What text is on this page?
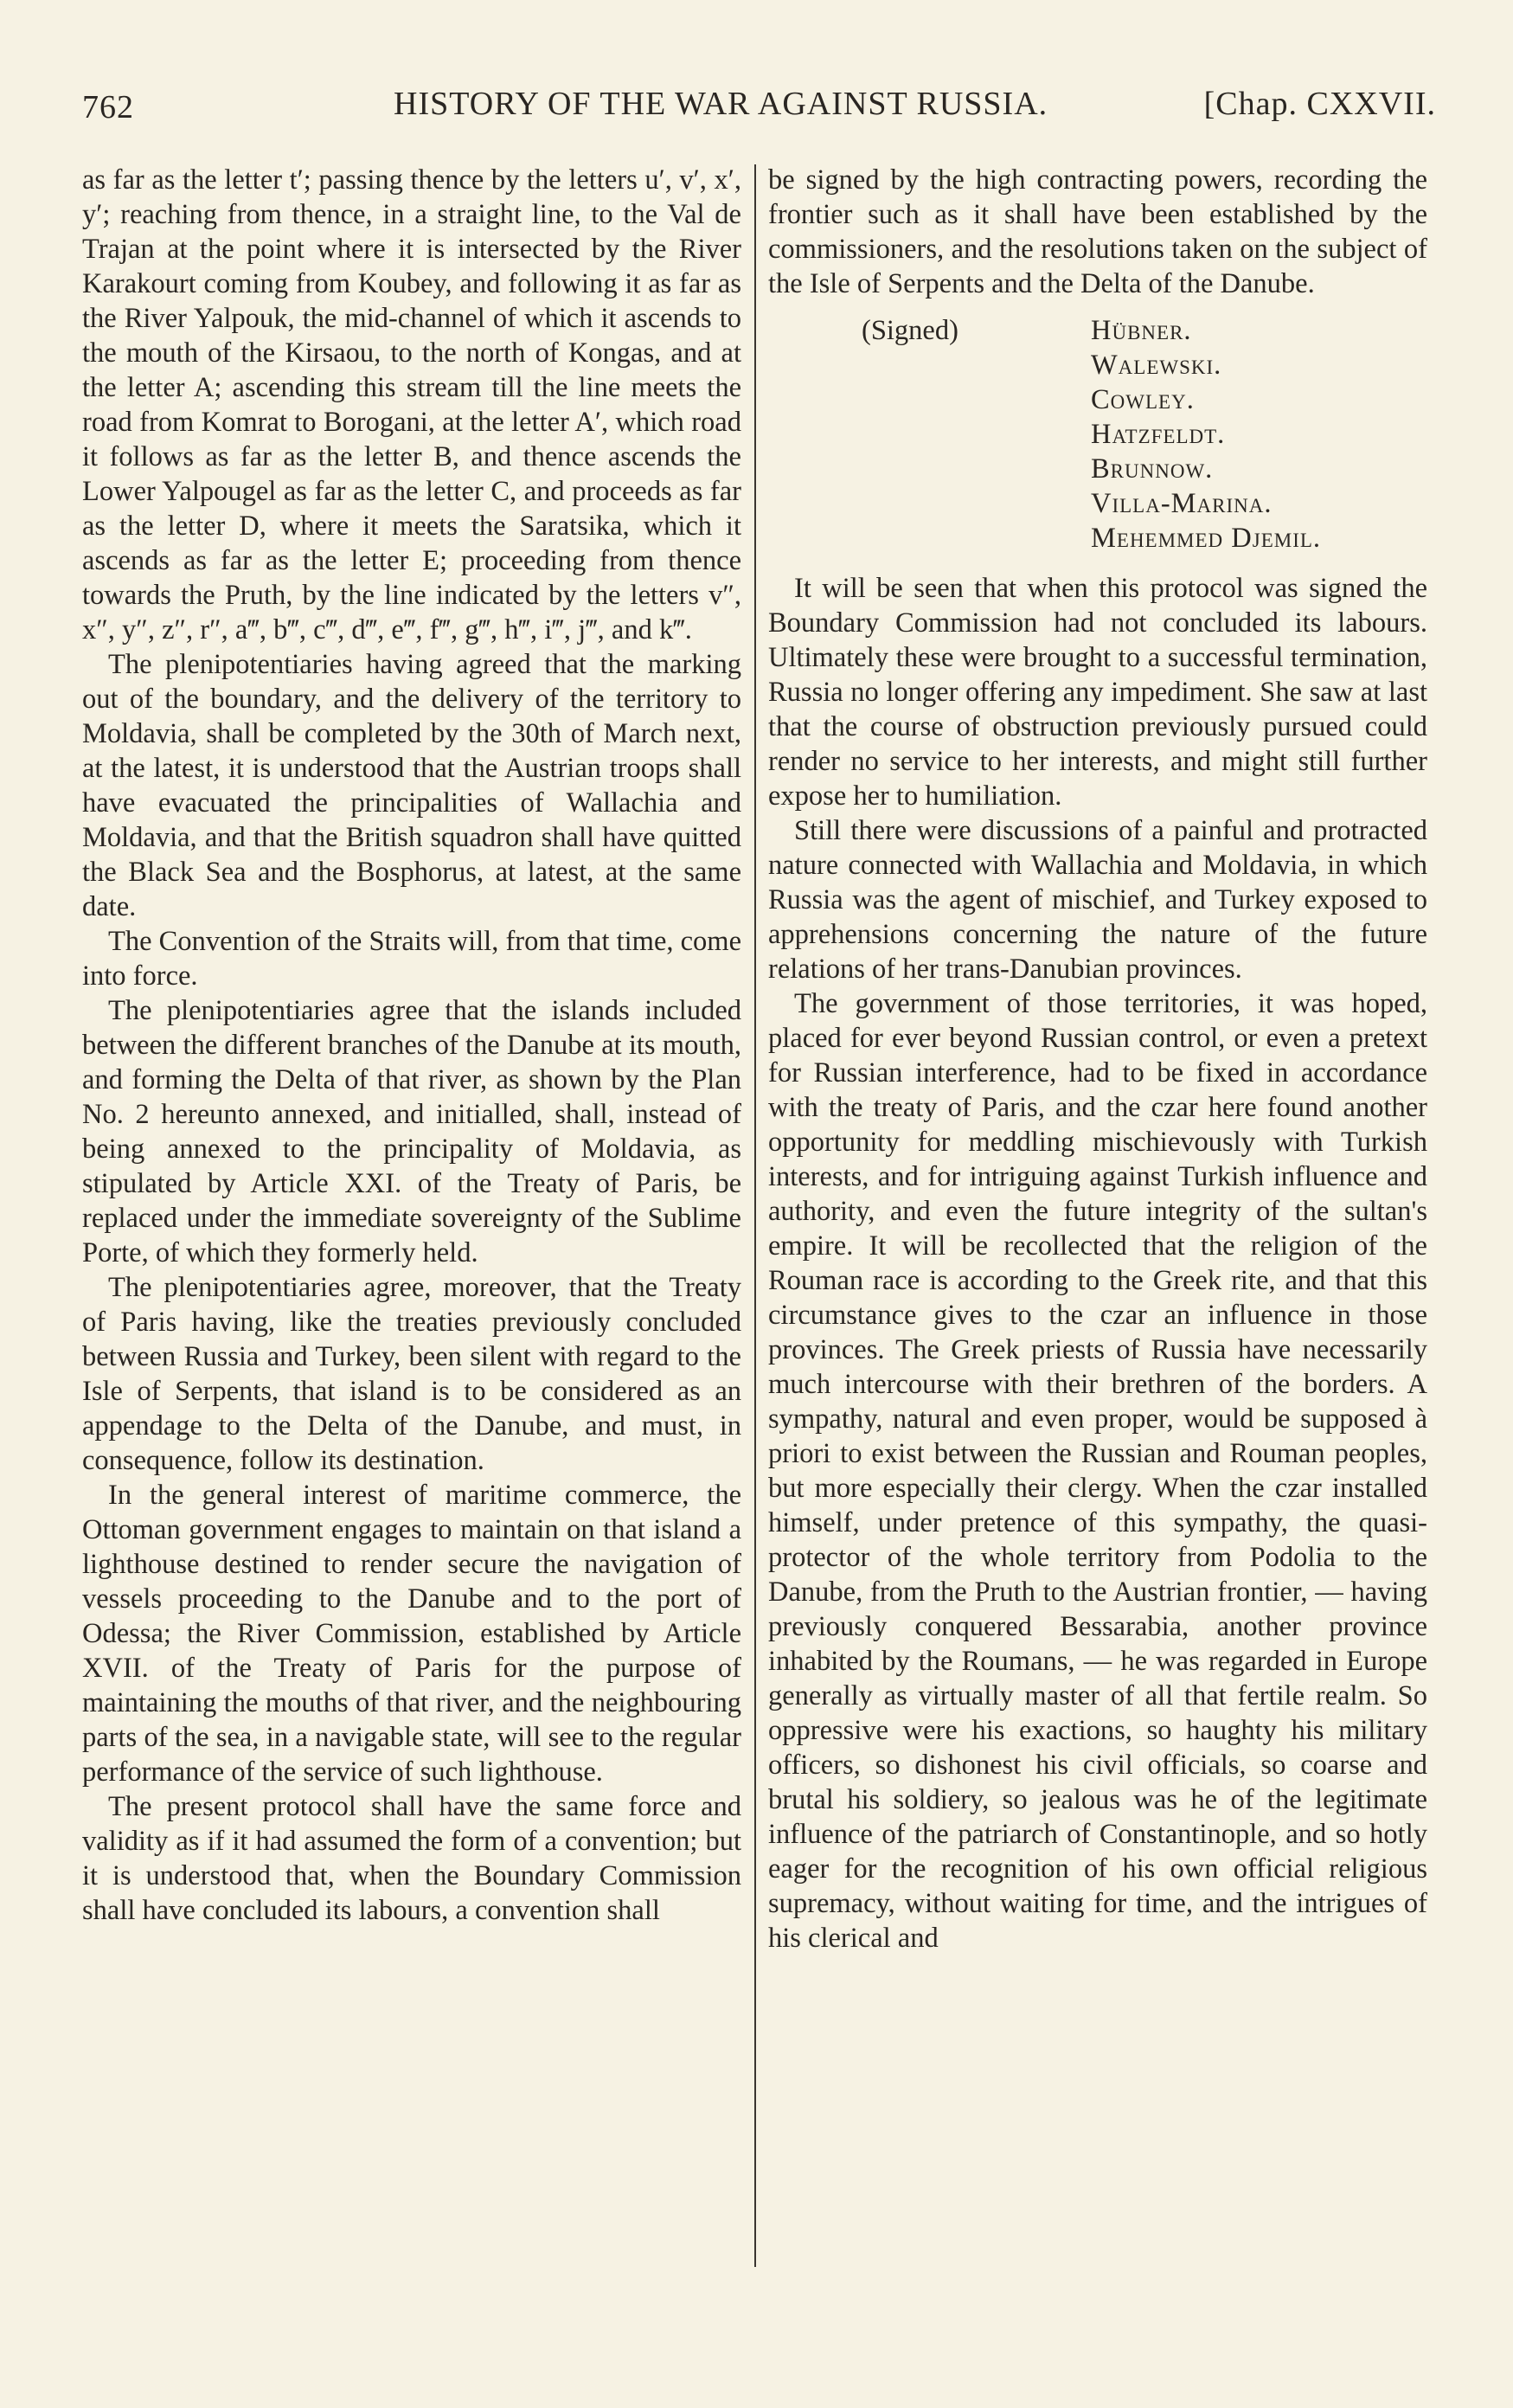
762	HISTORY OF THE WAR AGAINST RUSSIA.	[Chap. CXXVII.

as far as the letter t′; passing thence by the letters u′, v′, x′, y′; reaching from thence, in a straight line, to the Val de Trajan at the point where it is intersected by the River Karakourt coming from Koubey, and following it as far as the River Yalpouk, the mid-channel of which it ascends to the mouth of the Kirsaou, to the north of Kongas, and at the letter A; ascending this stream till the line meets the road from Komrat to Borogani, at the letter A′, which road it follows as far as the letter B, and thence ascends the Lower Yalpougel as far as the letter C, and proceeds as far as the letter D, where it meets the Saratsika, which it ascends as far as the letter E; proceeding from thence towards the Pruth, by the line indicated by the letters v″, x″, y″, z″, r″, a‴, b‴, c‴, d‴, e‴, f‴, g‴, h‴, i‴, j‴, and k‴.

The plenipotentiaries having agreed that the marking out of the boundary, and the delivery of the territory to Moldavia, shall be completed by the 30th of March next, at the latest, it is understood that the Austrian troops shall have evacuated the principalities of Wallachia and Moldavia, and that the British squadron shall have quitted the Black Sea and the Bosphorus, at latest, at the same date.

The Convention of the Straits will, from that time, come into force.

The plenipotentiaries agree that the islands included between the different branches of the Danube at its mouth, and forming the Delta of that river, as shown by the Plan No. 2 hereunto annexed, and initialled, shall, instead of being annexed to the principality of Moldavia, as stipulated by Article XXI. of the Treaty of Paris, be replaced under the immediate sovereignty of the Sublime Porte, of which they formerly held.

The plenipotentiaries agree, moreover, that the Treaty of Paris having, like the treaties previously concluded between Russia and Turkey, been silent with regard to the Isle of Serpents, that island is to be considered as an appendage to the Delta of the Danube, and must, in consequence, follow its destination.

In the general interest of maritime commerce, the Ottoman government engages to maintain on that island a lighthouse destined to render secure the navigation of vessels proceeding to the Danube and to the port of Odessa; the River Commission, established by Article XVII. of the Treaty of Paris for the purpose of maintaining the mouths of that river, and the neighbouring parts of the sea, in a navigable state, will see to the regular performance of the service of such lighthouse.

The present protocol shall have the same force and validity as if it had assumed the form of a convention; but it is understood that, when the Boundary Commission shall have concluded its labours, a convention shall

be signed by the high contracting powers, recording the frontier such as it shall have been established by the commissioners, and the resolutions taken on the subject of the Isle of Serpents and the Delta of the Danube.

(Signed)	Hübner.
Walewski.
Cowley.
Hatzfeldt.
Brunnow.
Villa-Marina.
Mehemmed Djemil.

It will be seen that when this protocol was signed the Boundary Commission had not concluded its labours. Ultimately these were brought to a successful termination, Russia no longer offering any impediment. She saw at last that the course of obstruction previously pursued could render no service to her interests, and might still further expose her to humiliation.

Still there were discussions of a painful and protracted nature connected with Wallachia and Moldavia, in which Russia was the agent of mischief, and Turkey exposed to apprehensions concerning the nature of the future relations of her trans-Danubian provinces.

The government of those territories, it was hoped, placed for ever beyond Russian control, or even a pretext for Russian interference, had to be fixed in accordance with the treaty of Paris, and the czar here found another opportunity for meddling mischievously with Turkish interests, and for intriguing against Turkish influence and authority, and even the future integrity of the sultan's empire. It will be recollected that the religion of the Rouman race is according to the Greek rite, and that this circumstance gives to the czar an influence in those provinces. The Greek priests of Russia have necessarily much intercourse with their brethren of the borders. A sympathy, natural and even proper, would be supposed à priori to exist between the Russian and Rouman peoples, but more especially their clergy. When the czar installed himself, under pretence of this sympathy, the quasi-protector of the whole territory from Podolia to the Danube, from the Pruth to the Austrian frontier, — having previously conquered Bessarabia, another province inhabited by the Roumans, — he was regarded in Europe generally as virtually master of all that fertile realm. So oppressive were his exactions, so haughty his military officers, so dishonest his civil officials, so coarse and brutal his soldiery, so jealous was he of the legitimate influence of the patriarch of Constantinople, and so hotly eager for the recognition of his own official religious supremacy, without waiting for time, and the intrigues of his clerical and
